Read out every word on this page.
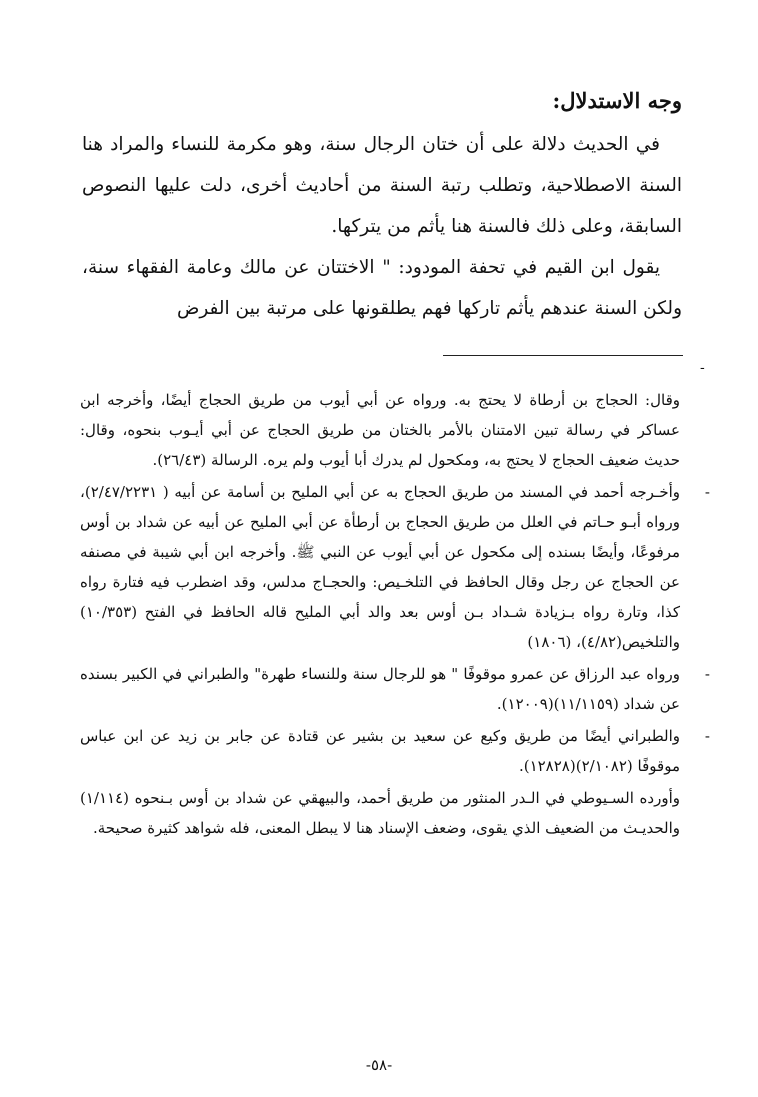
وجه الاستدلال:

في الحديث دلالة على أن ختان الرجال سنة، وهو مكرمة للنساء والمراد هنا السنة الاصطلاحية، وتطلب رتبة السنة من أحاديث أخرى، دلت عليها النصوص السابقة، وعلى ذلك فالسنة هنا يأثم من يتركها.

يقول ابن القيم في تحفة المودود: " الاختتان عن مالك وعامة الفقهاء سنة، ولكن السنة عندهم يأثم تاركها فهم يطلقونها على مرتبة بين الفرض

-
وقال: الحجاج بن أرطاة لا يحتج به. ورواه عن أبي أيوب من طريق الحجاج أيضًا، وأخرجه ابن عساكر في رسالة تبين الامتنان بالأمر بالختان من طريق الحجاج عن أبي أيـوب بنحوه، وقال: حديث ضعيف الحجاج لا يحتج به، ومكحول لم يدرك أبا أيوب ولم يره. الرسالة (٢٦/٤٣).
-
وأخـرجه أحمد في المسند من طريق الحجاج به عن أبي المليح بن أسامة عن أبيه ( ٢/٤٧/٢٢٣١)، ورواه أبـو حـاتم في العلل من طريق الحجاج بن أرطأة عن أبي المليح عن أبيه عن شداد بن أوس مرفوعًا، وأيضًا بسنده إلى مكحول عن أبي أيوب عن النبي ﷺ. وأخرجه ابن أبي شيبة في مصنفه عن الحجاج عن رجل وقال الحافظ في التلخـيص: والحجـاج مدلس، وقد اضطرب فيه فتارة رواه كذا، وتارة رواه بـزيادة شـداد بـن أوس بعد والد أبي المليح قاله الحافظ في الفتح (١٠/٣٥٣) والتلخيص(٤/٨٢)، (١٨٠٦)
-
ورواه عبد الرزاق عن عمرو موقوفًا " هو للرجال سنة وللنساء طهرة" والطبراني في الكبير بسنده عن شداد (١١/١١٥٩)(١٢٠٠٩).
-
والطبراني أيضًا من طريق وكيع عن سعيد بن بشير عن قتادة عن جابر بن زيد عن ابن عباس موقوفًا (٢/١٠٨٢)(١٢٨٢٨).
وأورده السـيوطي في الـدر المنثور من طريق أحمد، والبيهقي عن شداد بن أوس بـنحوه (١/١١٤) والحديـث من الضعيف الذي يقوى، وضعف الإسناد هنا لا يبطل المعنى، فله شواهد كثيرة صحيحة.
-٥٨-
